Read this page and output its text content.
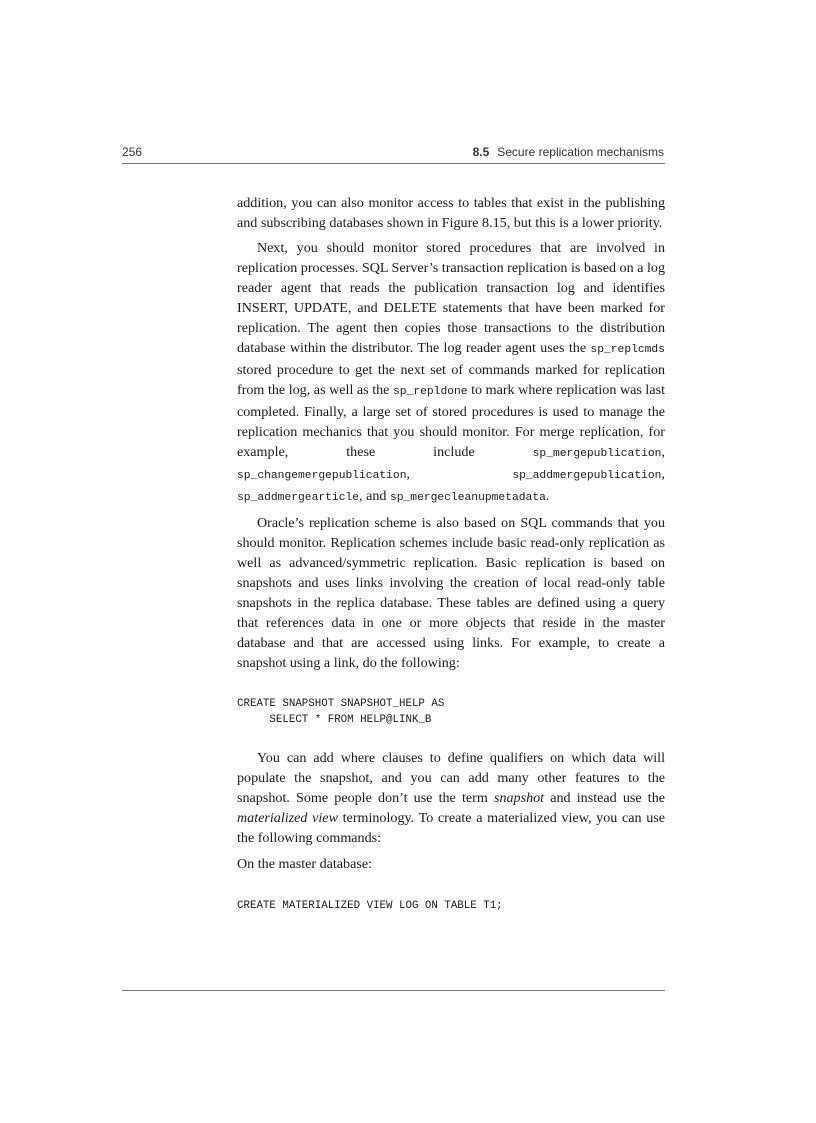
256	8.5 Secure replication mechanisms

addition, you can also monitor access to tables that exist in the publishing and subscribing databases shown in Figure 8.15, but this is a lower priority.

Next, you should monitor stored procedures that are involved in replication processes. SQL Server’s transaction replication is based on a log reader agent that reads the publication transaction log and identifies INSERT, UPDATE, and DELETE statements that have been marked for replication. The agent then copies those transactions to the distribution database within the distributor. The log reader agent uses the sp_replcmds stored procedure to get the next set of commands marked for replication from the log, as well as the sp_repldone to mark where replication was last completed. Finally, a large set of stored procedures is used to manage the replication mechanics that you should monitor. For merge replication, for example, these include sp_mergepublication, sp_changemergepublication,	sp_addmergepublication, sp_addmergearticle, and sp_mergecleanupmetadata.

Oracle’s replication scheme is also based on SQL commands that you should monitor. Replication schemes include basic read-only replication as well as advanced/symmetric replication. Basic replication is based on snapshots and uses links involving the creation of local read-only table snapshots in the replica database. These tables are defined using a query that references data in one or more objects that reside in the master database and that are accessed using links. For example, to create a snapshot using a link, do the following:

CREATE SNAPSHOT SNAPSHOT_HELP AS
SELECT * FROM HELP@LINK_B

You can add where clauses to define qualifiers on which data will populate the snapshot, and you can add many other features to the snapshot. Some people don’t use the term snapshot and instead use the materialized view terminology. To create a materialized view, you can use the following commands:

On the master database:

CREATE MATERIALIZED VIEW LOG ON TABLE T1;
